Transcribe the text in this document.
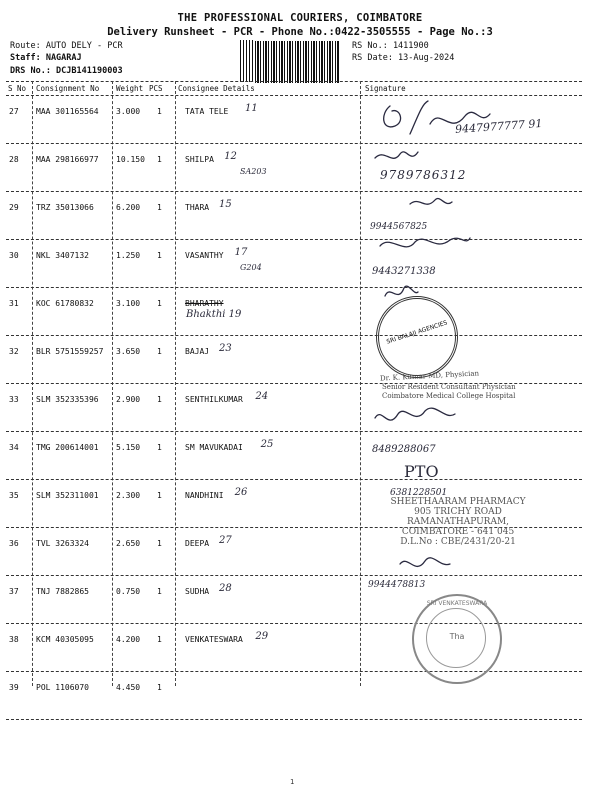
THE PROFESSIONAL COURIERS, COIMBATORE
Delivery Runsheet - PCR - Phone No.:0422-3505555 - Page No.:3
Route: AUTO DELY - PCR
Staff: NAGARAJ
DRS No.: DCJB141190003
RS No.: 1411900
RS Date: 13-Aug-2024
S No Consignment No Weight PCS Consignee Details	Signature
27 MAA 301165564 3.000 1	TATA TELE 11
28 MAA 298166977 10.150 1	SHILPA 12
SA203
29 TRZ 35013066	6.200 1	THARA 15
30 NKL 3407132	1.250 1	VASANTHY 17
G204
31 KOC 61780832	3.100 1	BHARATHY
Bhakthi 19
32 BLR 5751559257 3.650 1	BAJAJ 23
33 SLM 352335396 2.900 1	SENTHILKUMAR 24
34 TMG 200614001 5.150 1	SM MAVUKADAI 25
35 SLM 352311001 2.300 1	NANDHINI 26
36 TVL 3263324	2.650 1	DEEPA 27
37 TNJ 7882865	0.750 1	SUDHA 28
38 KCM 40305095	4.200 1	VENKATESWARA 29
39 POL 1106070	4.450 1
9447977777 91
9789786312
9944567825
9443271338
8489288067
6381228501
9944478813
SRI BALAJI AGENCIES
Dr. K. Kumar MD, Physician
Senior Resident Consultant Physician
Coimbatore Medical College Hospital
PTO
SHEETHAARAM PHARMACY
905 TRICHY ROAD
RAMANATHAPURAM,
COIMBATORE - 641 045
D.L.No : CBE/2431/20-21
SRI VENKATESWARA
Tha
1
